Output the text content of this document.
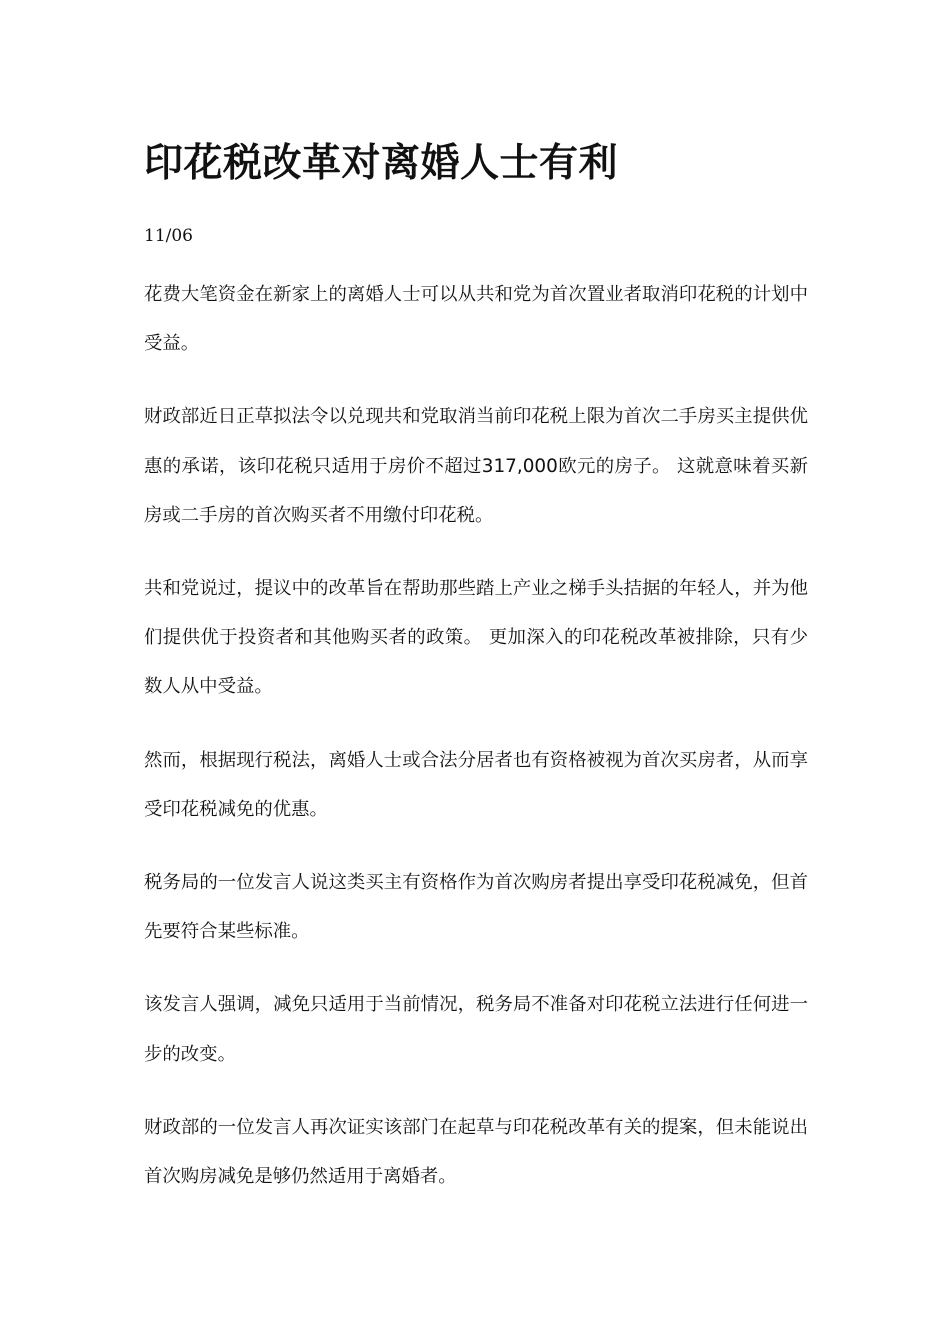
印花税改革对离婚人士有利

11/06

花费大笔资金在新家上的离婚人士可以从共和党为首次置业者取消印花税的计划中受益。

财政部近日正草拟法令以兑现共和党取消当前印花税上限为首次二手房买主提供优惠的承诺，该印花税只适用于房价不超过317,000欧元的房子。 这就意味着买新房或二手房的首次购买者不用缴付印花税。

共和党说过，提议中的改革旨在帮助那些踏上产业之梯手头拮据的年轻人，并为他们提供优于投资者和其他购买者的政策。 更加深入的印花税改革被排除，只有少数人从中受益。

然而，根据现行税法，离婚人士或合法分居者也有资格被视为首次买房者，从而享受印花税减免的优惠。

税务局的一位发言人说这类买主有资格作为首次购房者提出享受印花税减免，但首先要符合某些标准。

该发言人强调，减免只适用于当前情况，税务局不准备对印花税立法进行任何进一步的改变。

财政部的一位发言人再次证实该部门在起草与印花税改革有关的提案，但未能说出首次购房减免是够仍然适用于离婚者。
